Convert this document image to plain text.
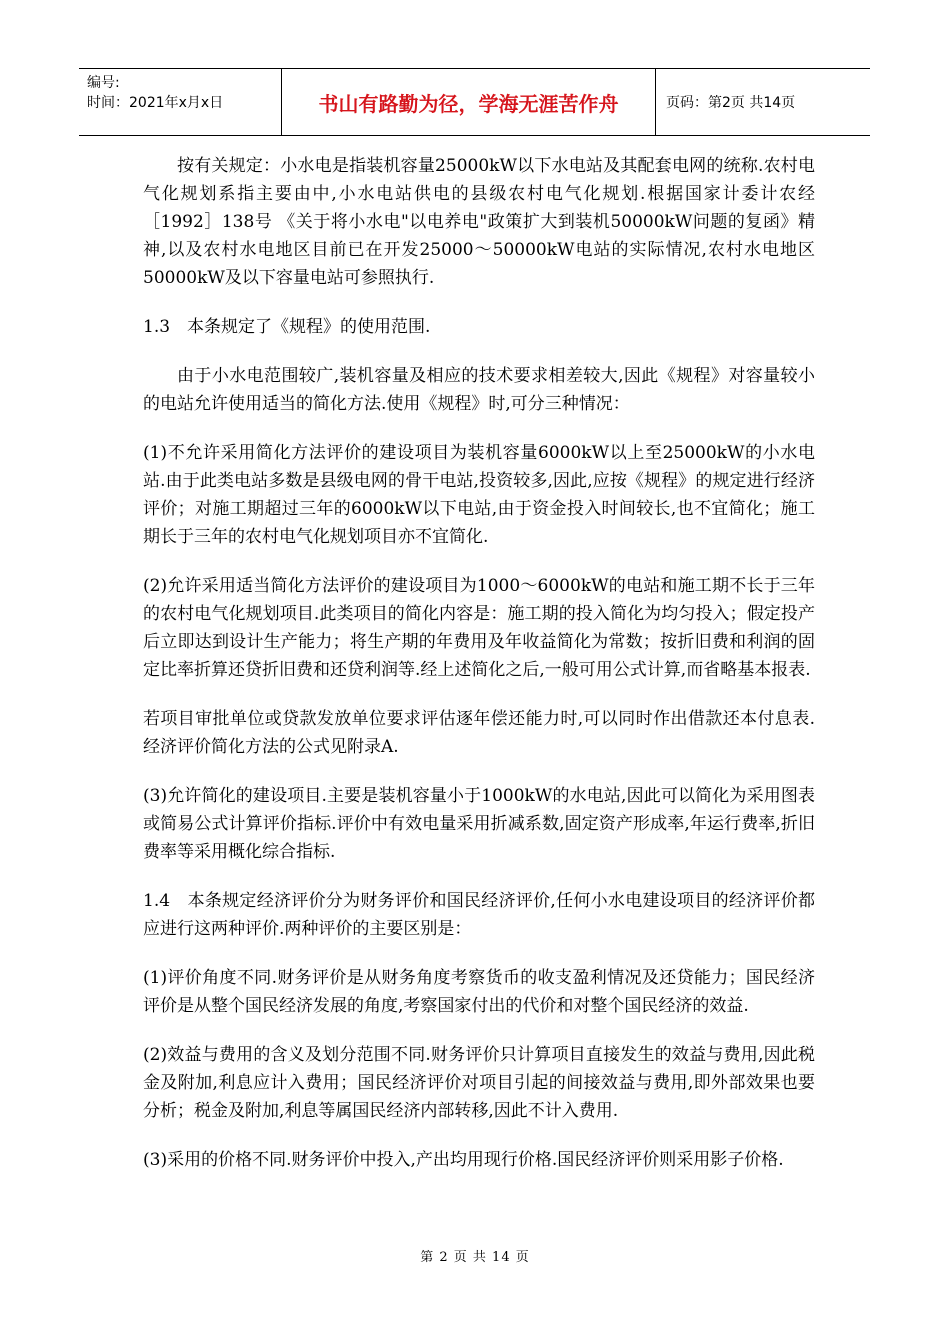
编号:
时间：2021年x月x日	书山有路勤为径，学海无涯苦作舟	页码：第2页 共14页

按有关规定：小水电是指装机容量25000kW以下水电站及其配套电网的统称.农村电气化规划系指主要由中,小水电站供电的县级农村电气化规划.根据国家计委计农经［1992］138号 《关于将小水电"以电养电"政策扩大到装机50000kW问题的复函》精神,以及农村水电地区目前已在开发25000～50000kW电站的实际情况,农村水电地区50000kW及以下容量电站可参照执行.

1.3　本条规定了《规程》的使用范围.

由于小水电范围较广,装机容量及相应的技术要求相差较大,因此《规程》对容量较小的电站允许使用适当的简化方法.使用《规程》时,可分三种情况：

(1)不允许采用简化方法评价的建设项目为装机容量6000kW以上至25000kW的小水电站.由于此类电站多数是县级电网的骨干电站,投资较多,因此,应按《规程》的规定进行经济评价；对施工期超过三年的6000kW以下电站,由于资金投入时间较长,也不宜简化；施工期长于三年的农村电气化规划项目亦不宜简化.

(2)允许采用适当简化方法评价的建设项目为1000～6000kW的电站和施工期不长于三年的农村电气化规划项目.此类项目的简化内容是：施工期的投入简化为均匀投入；假定投产后立即达到设计生产能力；将生产期的年费用及年收益简化为常数；按折旧费和利润的固定比率折算还贷折旧费和还贷利润等.经上述简化之后,一般可用公式计算,而省略基本报表.

若项目审批单位或贷款发放单位要求评估逐年偿还能力时,可以同时作出借款还本付息表.经济评价简化方法的公式见附录A.

(3)允许简化的建设项目.主要是装机容量小于1000kW的水电站,因此可以简化为采用图表或简易公式计算评价指标.评价中有效电量采用折减系数,固定资产形成率,年运行费率,折旧费率等采用概化综合指标.

1.4　本条规定经济评价分为财务评价和国民经济评价,任何小水电建设项目的经济评价都应进行这两种评价.两种评价的主要区别是：

(1)评价角度不同.财务评价是从财务角度考察货币的收支盈利情况及还贷能力；国民经济评价是从整个国民经济发展的角度,考察国家付出的代价和对整个国民经济的效益.

(2)效益与费用的含义及划分范围不同.财务评价只计算项目直接发生的效益与费用,因此税金及附加,利息应计入费用；国民经济评价对项目引起的间接效益与费用,即外部效果也要分析；税金及附加,利息等属国民经济内部转移,因此不计入费用.

(3)采用的价格不同.财务评价中投入,产出均用现行价格.国民经济评价则采用影子价格.

第 2 页 共 14 页
